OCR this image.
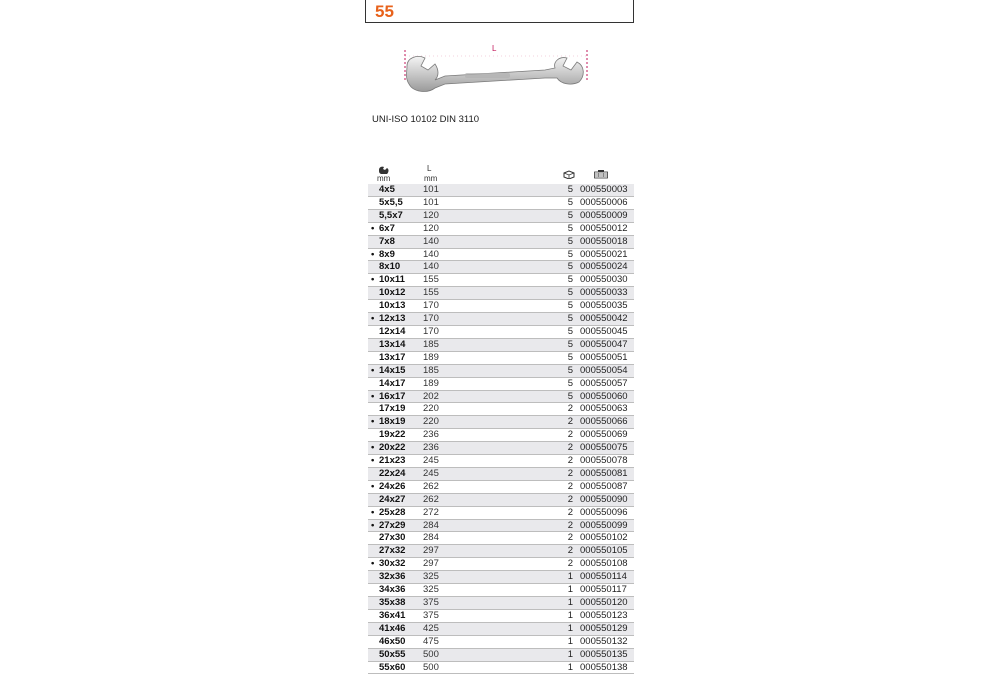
55
L
UNI-ISO 10102 DIN 3110
mm
L
mm
4x5	101	5 000550003
5x5,5	101	5 000550006
5,5x7	120	5 000550009
• 6x7	120	5 000550012
7x8	140	5 000550018
• 8x9	140	5 000550021
8x10	140	5 000550024
• 10x11	155	5 000550030
10x12	155	5 000550033
10x13	170	5 000550035
• 12x13	170	5 000550042
12x14	170	5 000550045
13x14	185	5 000550047
13x17	189	5 000550051
• 14x15	185	5 000550054
14x17	189	5 000550057
• 16x17	202	5 000550060
17x19	220	2 000550063
• 18x19	220	2 000550066
19x22	236	2 000550069
• 20x22	236	2 000550075
• 21x23	245	2 000550078
22x24	245	2 000550081
• 24x26	262	2 000550087
24x27	262	2 000550090
• 25x28	272	2 000550096
• 27x29	284	2 000550099
27x30	284	2 000550102
27x32	297	2 000550105
• 30x32	297	2 000550108
32x36	325	1 000550114
34x36	325	1 000550117
35x38	375	1 000550120
36x41	375	1 000550123
41x46	425	1 000550129
46x50	475	1 000550132
50x55	500	1 000550135
55x60	500	1 000550138
